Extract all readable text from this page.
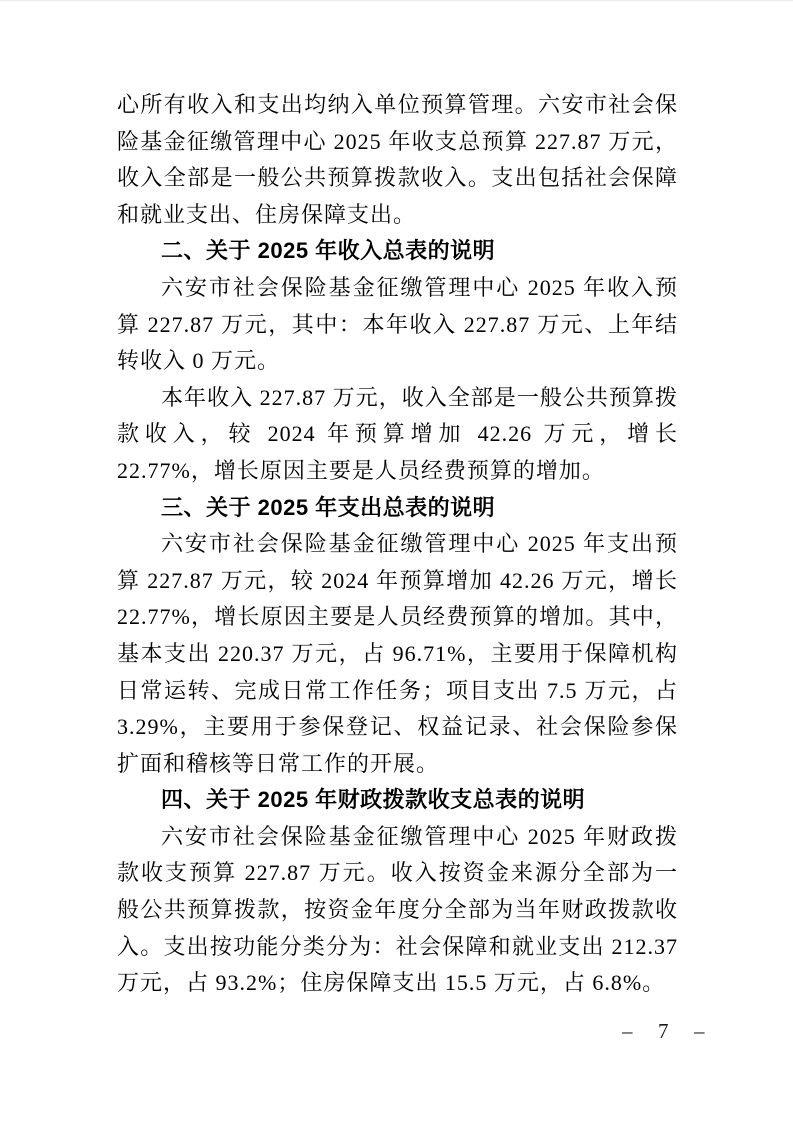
心所有收入和支出均纳入单位预算管理。六安市社会保险基金征缴管理中心 2025 年收支总预算 227.87 万元，收入全部是一般公共预算拨款收入。支出包括社会保障和就业支出、住房保障支出。

二、关于 2025 年收入总表的说明

六安市社会保险基金征缴管理中心 2025 年收入预算 227.87 万元，其中：本年收入 227.87 万元、上年结转收入 0 万元。

本年收入 227.87 万元，收入全部是一般公共预算拨款收入，较 2024 年预算增加 42.26 万元，增长 22.77%，增长原因主要是人员经费预算的增加。

三、关于 2025 年支出总表的说明

六安市社会保险基金征缴管理中心 2025 年支出预算 227.87 万元，较 2024 年预算增加 42.26 万元，增长 22.77%，增长原因主要是人员经费预算的增加。其中，基本支出 220.37 万元，占 96.71%，主要用于保障机构日常运转、完成日常工作任务；项目支出 7.5 万元，占 3.29%，主要用于参保登记、权益记录、社会保险参保扩面和稽核等日常工作的开展。

四、关于 2025 年财政拨款收支总表的说明

六安市社会保险基金征缴管理中心 2025 年财政拨款收支预算 227.87 万元。收入按资金来源分全部为一般公共预算拨款，按资金年度分全部为当年财政拨款收入。支出按功能分类分为：社会保障和就业支出 212.37 万元，占 93.2%；住房保障支出 15.5 万元，占 6.8%。

–  7  –
